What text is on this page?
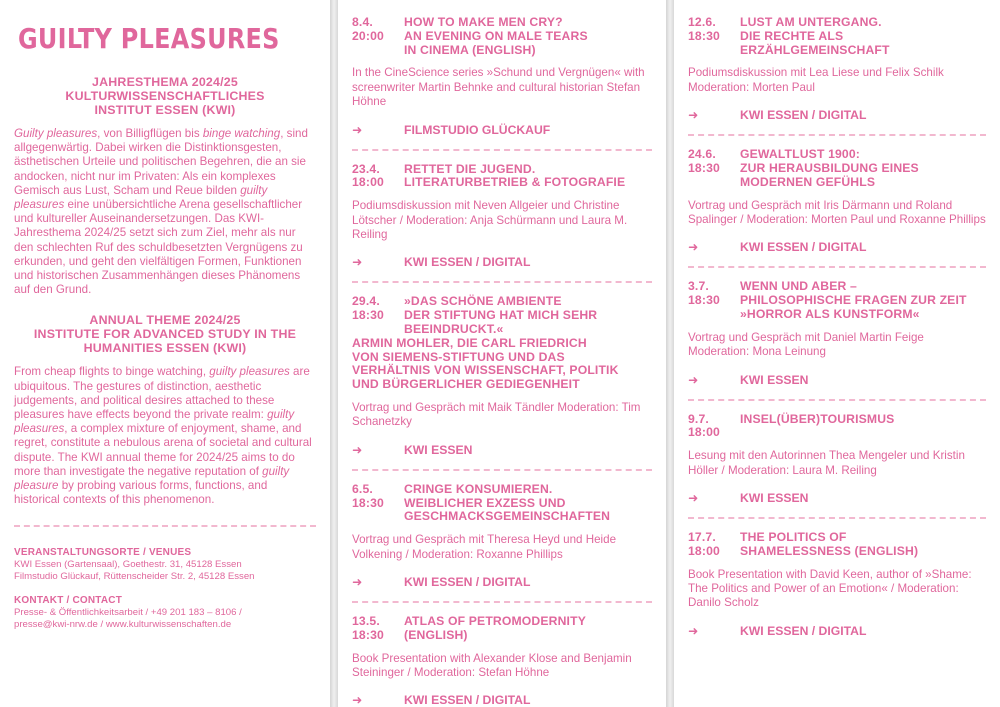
GUILTY PLEASURES
JAHRESTHEMA 2024/25
KULTURWISSENSCHAFTLICHES
INSTITUT ESSEN (KWI)
Guilty pleasures, von Billigflügen bis binge watching, sind allgegenwärtig. Dabei wirken die Distinktionsgesten, ästhetischen Urteile und politischen Begehren, die an sie andocken, nicht nur im Privaten: Als ein komplexes Gemisch aus Lust, Scham und Reue bilden guilty pleasures eine unübersichtliche Arena gesellschaftlicher und kultureller Auseinandersetzungen. Das KWI-Jahresthema 2024/25 setzt sich zum Ziel, mehr als nur den schlechten Ruf des schuldbesetzten Vergnügens zu erkunden, und geht den vielfältigen Formen, Funktionen und historischen Zusammenhängen dieses Phänomens auf den Grund.
ANNUAL THEME 2024/25
INSTITUTE FOR ADVANCED STUDY IN THE
HUMANITIES ESSEN (KWI)
From cheap flights to binge watching, guilty pleasures are ubiquitous. The gestures of distinction, aesthetic judgements, and political desires attached to these pleasures have effects beyond the private realm: guilty pleasures, a complex mixture of enjoyment, shame, and regret, constitute a nebulous arena of societal and cultural dispute. The KWI annual theme for 2024/25 aims to do more than investigate the negative reputation of guilty pleasure by probing various forms, functions, and historical contexts of this phenomenon.
VERANSTALTUNGSORTE / VENUES
KWI Essen (Gartensaal), Goethestr. 31, 45128 Essen
Filmstudio Glückauf, Rüttenscheider Str. 2, 45128 Essen
KONTAKT / CONTACT
Presse- & Öffentlichkeitsarbeit / +49 201 183 – 8106 /
presse@kwi-nrw.de / www.kulturwissenschaften.de
8.4.	HOW TO MAKE MEN CRY?
20:00	AN EVENING ON MALE TEARS
IN CINEMA (ENGLISH)
In the CineScience series »Schund und Vergnügen« with screenwriter Martin Behnke and cultural historian Stefan Höhne
➜	FILMSTUDIO GLÜCKAUF
23.4.	RETTET DIE JUGEND.
18:00	LITERATURBETRIEB & FOTOGRAFIE
Podiumsdiskussion mit Neven Allgeier und Christine Lötscher / Moderation: Anja Schürmann und Laura M. Reiling
➜	KWI ESSEN / DIGITAL
29.4.	»DAS SCHÖNE AMBIENTE
18:30	DER STIFTUNG HAT MICH SEHR
BEEINDRUCKT.«
ARMIN MOHLER, DIE CARL FRIEDRICH
VON SIEMENS-STIFTUNG UND DAS
VERHÄLTNIS VON WISSENSCHAFT, POLITIK
UND BÜRGERLICHER GEDIEGENHEIT
Vortrag und Gespräch mit Maik Tändler Moderation: Tim Schanetzky
➜	KWI ESSEN
6.5.	CRINGE KONSUMIEREN.
18:30	WEIBLICHER EXZESS UND
GESCHMACKSGEMEINSCHAFTEN
Vortrag und Gespräch mit Theresa Heyd und Heide Volkening / Moderation: Roxanne Phillips
➜	KWI ESSEN / DIGITAL
13.5.	ATLAS OF PETROMODERNITY
18:30	(ENGLISH)
Book Presentation with Alexander Klose and Benjamin Steininger / Moderation: Stefan Höhne
➜	KWI ESSEN / DIGITAL
12.6.	LUST AM UNTERGANG.
18:30	DIE RECHTE ALS
ERZÄHLGEMEINSCHAFT
Podiumsdiskussion mit Lea Liese und Felix Schilk Moderation: Morten Paul
➜	KWI ESSEN / DIGITAL
24.6.	GEWALTLUST 1900:
18:30	ZUR HERAUSBILDUNG EINES
MODERNEN GEFÜHLS
Vortrag und Gespräch mit Iris Därmann und Roland Spalinger / Moderation: Morten Paul und Roxanne Phillips
➜	KWI ESSEN / DIGITAL
3.7.	WENN UND ABER –
18:30	PHILOSOPHISCHE FRAGEN ZUR ZEIT
»HORROR ALS KUNSTFORM«
Vortrag und Gespräch mit Daniel Martin Feige Moderation: Mona Leinung
➜	KWI ESSEN
9.7.	INSEL(ÜBER)TOURISMUS
18:00
Lesung mit den Autorinnen Thea Mengeler und Kristin Höller / Moderation: Laura M. Reiling
➜	KWI ESSEN
17.7.	THE POLITICS OF
18:00	SHAMELESSNESS (ENGLISH)
Book Presentation with David Keen, author of »Shame: The Politics and Power of an Emotion« / Moderation: Danilo Scholz
➜	KWI ESSEN / DIGITAL
